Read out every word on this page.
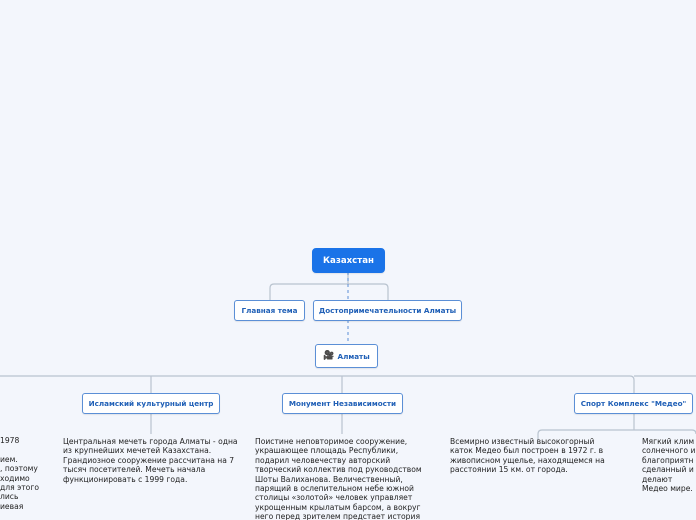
Казахстан
Главная тема	Достопримечательности Алматы
🎥 Алматы
Исламский культурный центр	Монумент Независимости	Спорт Комплекс "Медео"
1978
ием.
, поэтому
ходимо
для этого
лись
иевая
Центральная мечеть города Алматы - одна из крупнейших мечетей Казахстана. Грандиозное сооружение рассчитана на 7 тысяч посетителей. Мечеть начала функционировать с 1999 года.
Поистине неповторимое сооружение, украшающее площадь Республики, подарил человечеству авторский творческий коллектив под руководством Шоты Валиханова. Величественный, парящий в ослепительном небе южной столицы «золотой» человек управляет укрощенным крылатым барсом, а вокруг него перед зрителем предстает история
Всемирно известный высокогорный каток Медео был построен в 1972 г. в живописном ущелье, находящемся на расстоянии 15 км. от города.
Мягкий клим солнечного и благоприятн сделанный и делают Медео мире.
